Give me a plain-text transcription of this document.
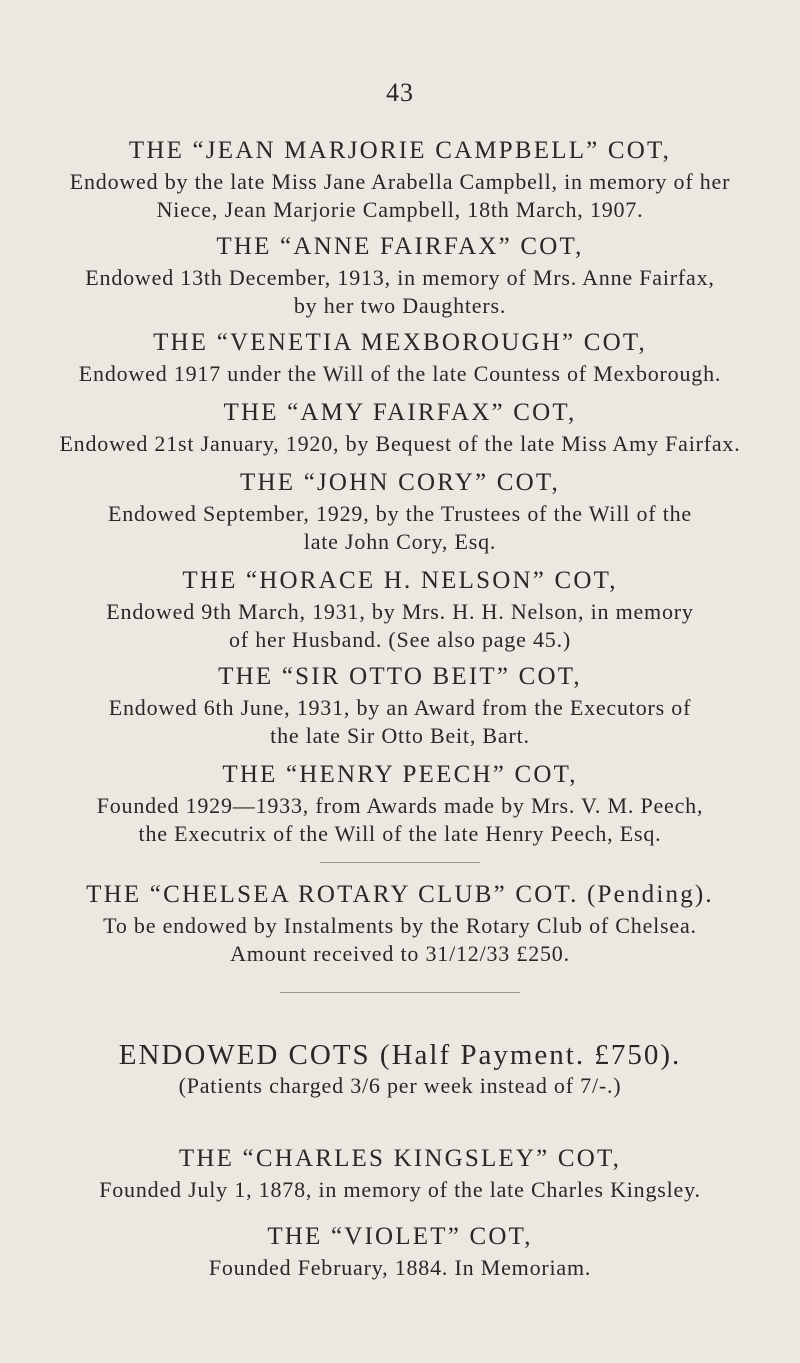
43
THE “JEAN MARJORIE CAMPBELL” COT,
Endowed by the late Miss Jane Arabella Campbell, in memory of her
Niece, Jean Marjorie Campbell, 18th March, 1907.
THE “ANNE FAIRFAX” COT,
Endowed 13th December, 1913, in memory of Mrs. Anne Fairfax,
by her two Daughters.
THE “VENETIA MEXBOROUGH” COT,
Endowed 1917 under the Will of the late Countess of Mexborough.
THE “AMY FAIRFAX” COT,
Endowed 21st January, 1920, by Bequest of the late Miss Amy Fairfax.
THE “JOHN CORY” COT,
Endowed September, 1929, by the Trustees of the Will of the
late John Cory, Esq.
THE “HORACE H. NELSON” COT,
Endowed 9th March, 1931, by Mrs. H. H. Nelson, in memory
of her Husband. (See also page 45.)
THE “SIR OTTO BEIT” COT,
Endowed 6th June, 1931, by an Award from the Executors of
the late Sir Otto Beit, Bart.
THE “HENRY PEECH” COT,
Founded 1929—1933, from Awards made by Mrs. V. M. Peech,
the Executrix of the Will of the late Henry Peech, Esq.
THE “CHELSEA ROTARY CLUB” COT. (Pending).
To be endowed by Instalments by the Rotary Club of Chelsea.
Amount received to 31/12/33 £250.
ENDOWED COTS (Half Payment. £750).
(Patients charged 3/6 per week instead of 7/-.)
THE “CHARLES KINGSLEY” COT,
Founded July 1, 1878, in memory of the late Charles Kingsley.
THE “VIOLET” COT,
Founded February, 1884. In Memoriam.
